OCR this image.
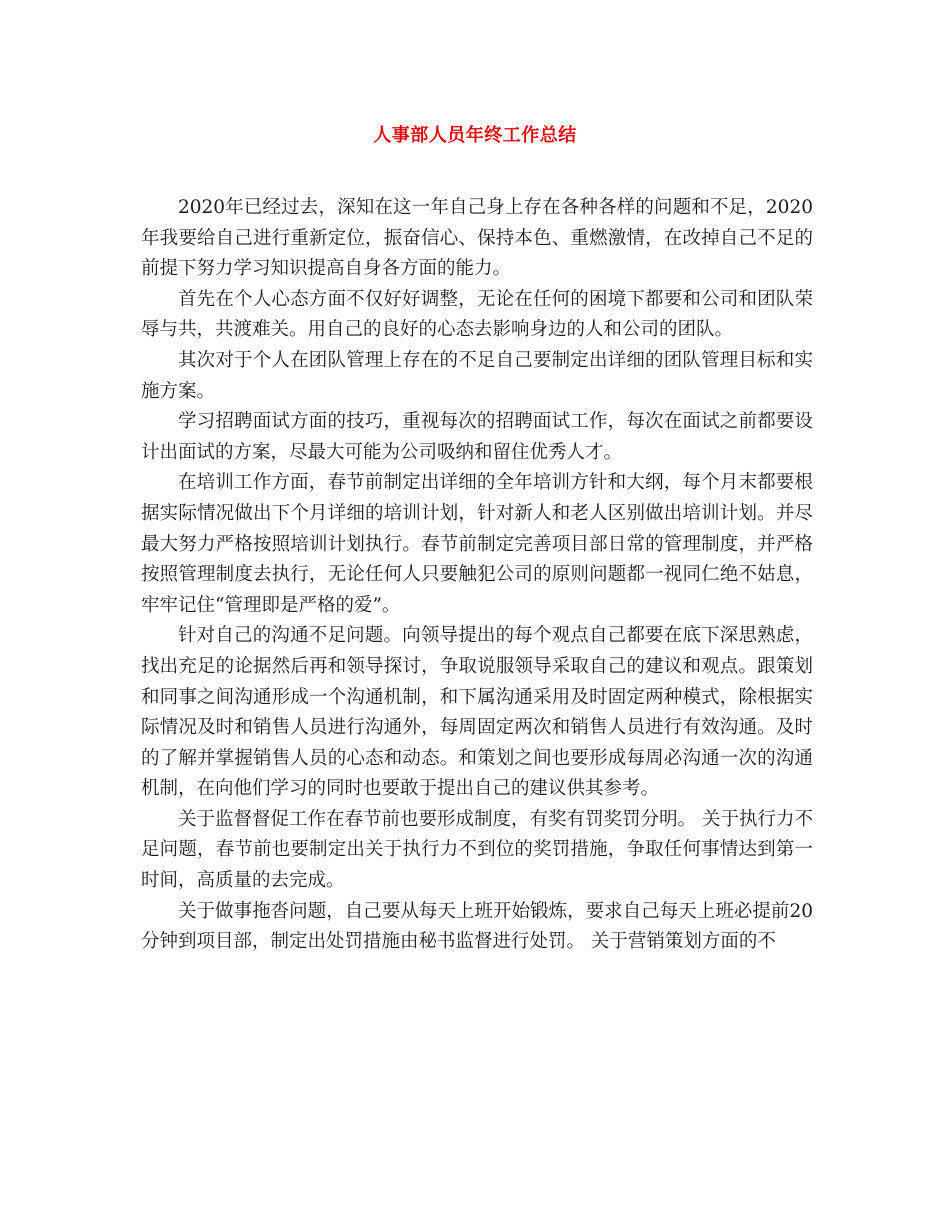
人事部人员年终工作总结

2020年已经过去，深知在这一年自己身上存在各种各样的问题和不足，2020年我要给自己进行重新定位，振奋信心、保持本色、重燃激情，在改掉自己不足的前提下努力学习知识提高自身各方面的能力。

首先在个人心态方面不仅好好调整，无论在任何的困境下都要和公司和团队荣辱与共，共渡难关。用自己的良好的心态去影响身边的人和公司的团队。

其次对于个人在团队管理上存在的不足自己要制定出详细的团队管理目标和实施方案。

学习招聘面试方面的技巧，重视每次的招聘面试工作，每次在面试之前都要设计出面试的方案，尽最大可能为公司吸纳和留住优秀人才。

在培训工作方面，春节前制定出详细的全年培训方针和大纲，每个月末都要根据实际情况做出下个月详细的培训计划，针对新人和老人区别做出培训计划。并尽最大努力严格按照培训计划执行。春节前制定完善项目部日常的管理制度，并严格按照管理制度去执行，无论任何人只要触犯公司的原则问题都一视同仁绝不姑息，牢牢记住“管理即是严格的爱”。

针对自己的沟通不足问题。向领导提出的每个观点自己都要在底下深思熟虑，找出充足的论据然后再和领导探讨，争取说服领导采取自己的建议和观点。跟策划和同事之间沟通形成一个沟通机制，和下属沟通采用及时固定两种模式，除根据实际情况及时和销售人员进行沟通外，每周固定两次和销售人员进行有效沟通。及时的了解并掌握销售人员的心态和动态。和策划之间也要形成每周必沟通一次的沟通机制，在向他们学习的同时也要敢于提出自己的建议供其参考。

关于监督督促工作在春节前也要形成制度，有奖有罚奖罚分明。 关于执行力不足问题，春节前也要制定出关于执行力不到位的奖罚措施，争取任何事情达到第一时间，高质量的去完成。

关于做事拖沓问题，自己要从每天上班开始锻炼，要求自己每天上班必提前20分钟到项目部，制定出处罚措施由秘书监督进行处罚。 关于营销策划方面的不
